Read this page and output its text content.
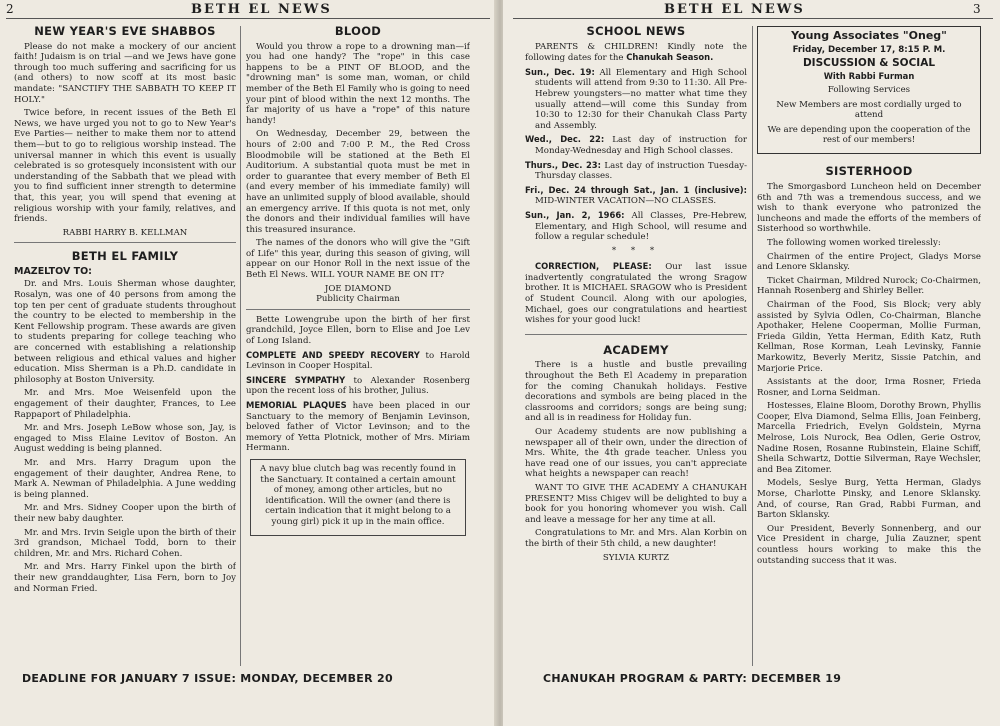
2	BETH EL NEWS
NEW YEAR'S EVE SHABBOS

Please do not make a mockery of our ancient faith! Judaism is on trial —and we Jews have gone through too much suffering and sacrificing for us (and others) to now scoff at its most basic mandate: "SANCTIFY THE SABBATH TO KEEP IT HOLY."

Twice before, in recent issues of the Beth El News, we have urged you not to go to New Year's Eve Parties— neither to make them nor to attend them—but to go to religious worship instead. The universal manner in which this event is usually celebrated is so grotesquely inconsistent with our understanding of the Sabbath that we plead with you to find sufficient inner strength to determine that, this year, you will spend that evening at religious worship with your family, relatives, and friends.

RABBI HARRY B. KELLMAN
BETH EL FAMILY
MAZELTOV TO:

Dr. and Mrs. Louis Sherman whose daughter, Rosalyn, was one of 40 persons from among the top ten per cent of graduate students throughout the country to be elected to membership in the Kent Fellowship program. These awards are given to students preparing for college teaching who are concerned with establishing a relationship between religious and ethical values and higher education. Miss Sherman is a Ph.D. candidate in philosophy at Boston University.

Mr. and Mrs. Moe Weisenfeld upon the engagement of their daughter, Frances, to Lee Rappaport of Philadelphia.

Mr. and Mrs. Joseph LeBow whose son, Jay, is engaged to Miss Elaine Levitov of Boston. An August wedding is being planned.

Mr. and Mrs. Harry Dragum upon the engagement of their daughter, Andrea Rene, to Mark A. Newman of Philadelphia. A June wedding is being planned.

Mr. and Mrs. Sidney Cooper upon the birth of their new baby daughter.

Mr. and Mrs. Irvin Seigle upon the birth of their 3rd grandson, Michael Todd, born to their children, Mr. and Mrs. Richard Cohen.

Mr. and Mrs. Harry Finkel upon the birth of their new granddaughter, Lisa Fern, born to Joy and Norman Fried.

BLOOD

Would you throw a rope to a drowning man—if you had one handy? The "rope" in this case happens to be a PINT OF BLOOD, and the "drowning man" is some man, woman, or child member of the Beth El Family who is going to need your pint of blood within the next 12 months. The far majority of us have a "rope" of this nature handy!

On Wednesday, December 29, between the hours of 2:00 and 7:00 P. M., the Red Cross Bloodmobile will be stationed at the Beth El Auditorium. A substantial quota must be met in order to guarantee that every member of Beth El (and every member of his immediate family) will have an unlimited supply of blood available, should an emergency arrive. If this quota is not met, only the donors and their individual families will have this treasured insurance.

The names of the donors who will give the "Gift of Life" this year, during this season of giving, will appear on our Honor Roll in the next issue of the Beth El News. WILL YOUR NAME BE ON IT?

JOE DIAMOND
Publicity Chairman

Bette Lowengrube upon the birth of her first grandchild, Joyce Ellen, born to Elise and Joe Lev of Long Island.

COMPLETE AND SPEEDY RECOVERY to Harold Levinson in Cooper Hospital.

SINCERE SYMPATHY to Alexander Rosenberg upon the recent loss of his brother, Julius.

MEMORIAL PLAQUES have been placed in our Sanctuary to the memory of Benjamin Levinson, beloved father of Victor Levinson; and to the memory of Yetta Plotnick, mother of Mrs. Miriam Hermann.

A navy blue clutch bag was recently found in the Sanctuary. It contained a certain amount of money, among other articles, but no identification. Will the owner (and there is certain indication that it might belong to a young girl) pick it up in the main office.

DEADLINE FOR JANUARY 7 ISSUE: MONDAY, DECEMBER 20
BETH EL NEWS	3
SCHOOL NEWS

PARENTS & CHILDREN! Kindly note the following dates for the Chanukah Season.

Sun., Dec. 19: All Elementary and High School students will attend from 9:30 to 11:30. All Pre-Hebrew youngsters—no matter what time they usually attend—will come this Sunday from 10:30 to 12:30 for their Chanukah Class Party and Assembly.

Wed., Dec. 22: Last day of instruction for Monday-Wednesday and High School classes.

Thurs., Dec. 23: Last day of instruction Tuesday-Thursday classes.

Fri., Dec. 24 through Sat., Jan. 1 (inclusive): MID-WINTER VACATION—NO CLASSES.

Sun., Jan. 2, 1966: All Classes, Pre-Hebrew, Elementary, and High School, will resume and follow a regular schedule!

* * *

CORRECTION, PLEASE: Our last issue inadvertently congratulated the wrong Sragow brother. It is MICHAEL SRAGOW who is President of Student Council. Along with our apologies, Michael, goes our congratulations and heartiest wishes for your good luck!

ACADEMY

There is a hustle and bustle prevailing throughout the Beth El Academy in preparation for the coming Chanukah holidays. Festive decorations and symbols are being placed in the classrooms and corridors; songs are being sung; and all is in readiness for Holiday fun.

Our Academy students are now publishing a newspaper all of their own, under the direction of Mrs. White, the 4th grade teacher. Unless you have read one of our issues, you can't appreciate what heights a newspaper can reach!

WANT TO GIVE THE ACADEMY A CHANUKAH PRESENT? Miss Chigev will be delighted to buy a book for you honoring whomever you wish. Call and leave a message for her any time at all.

Congratulations to Mr. and Mrs. Alan Korbin on the birth of their 5th child, a new daughter!

SYLVIA KURTZ
Young Associates "Oneg"
Friday, December 17, 8:15 P. M.
DISCUSSION & SOCIAL
With Rabbi Furman

Following Services

New Members are most cordially urged to attend

We are depending upon the cooperation of the rest of our members!

SISTERHOOD

The Smorgasbord Luncheon held on December 6th and 7th was a tremendous success, and we wish to thank everyone who patronized the luncheons and made the efforts of the members of Sisterhood so worthwhile.

The following women worked tirelessly:

Chairmen of the entire Project, Gladys Morse and Lenore Sklansky.

Ticket Chairman, Mildred Nurock; Co-Chairmen, Hannah Rosenberg and Shirley Beller.

Chairman of the Food, Sis Block; very ably assisted by Sylvia Odlen, Co-Chairman, Blanche Apothaker, Helene Cooperman, Mollie Furman, Frieda Gildin, Yetta Herman, Edith Katz, Ruth Kellman, Rose Korman, Leah Levinsky, Fannie Markowitz, Beverly Meritz, Sissie Patchin, and Marjorie Price.

Assistants at the door, Irma Rosner, Frieda Rosner, and Lorna Seidman.

Hostesses, Elaine Bloom, Dorothy Brown, Phyllis Cooper, Elva Diamond, Selma Ellis, Joan Feinberg, Marcella Friedrich, Evelyn Goldstein, Myrna Melrose, Lois Nurock, Bea Odlen, Gerie Ostrov, Nadine Rosen, Rosanne Rubinstein, Elaine Schiff, Sheila Schwartz, Dottie Silverman, Raye Wechsler, and Bea Zitomer.

Models, Seslye Burg, Yetta Herman, Gladys Morse, Charlotte Pinsky, and Lenore Sklansky. And, of course, Ran Grad, Rabbi Furman, and Barton Sklansky.

Our President, Beverly Sonnenberg, and our Vice President in charge, Julia Zauzner, spent countless hours working to make this the outstanding success that it was.

CHANUKAH PROGRAM & PARTY: DECEMBER 19
